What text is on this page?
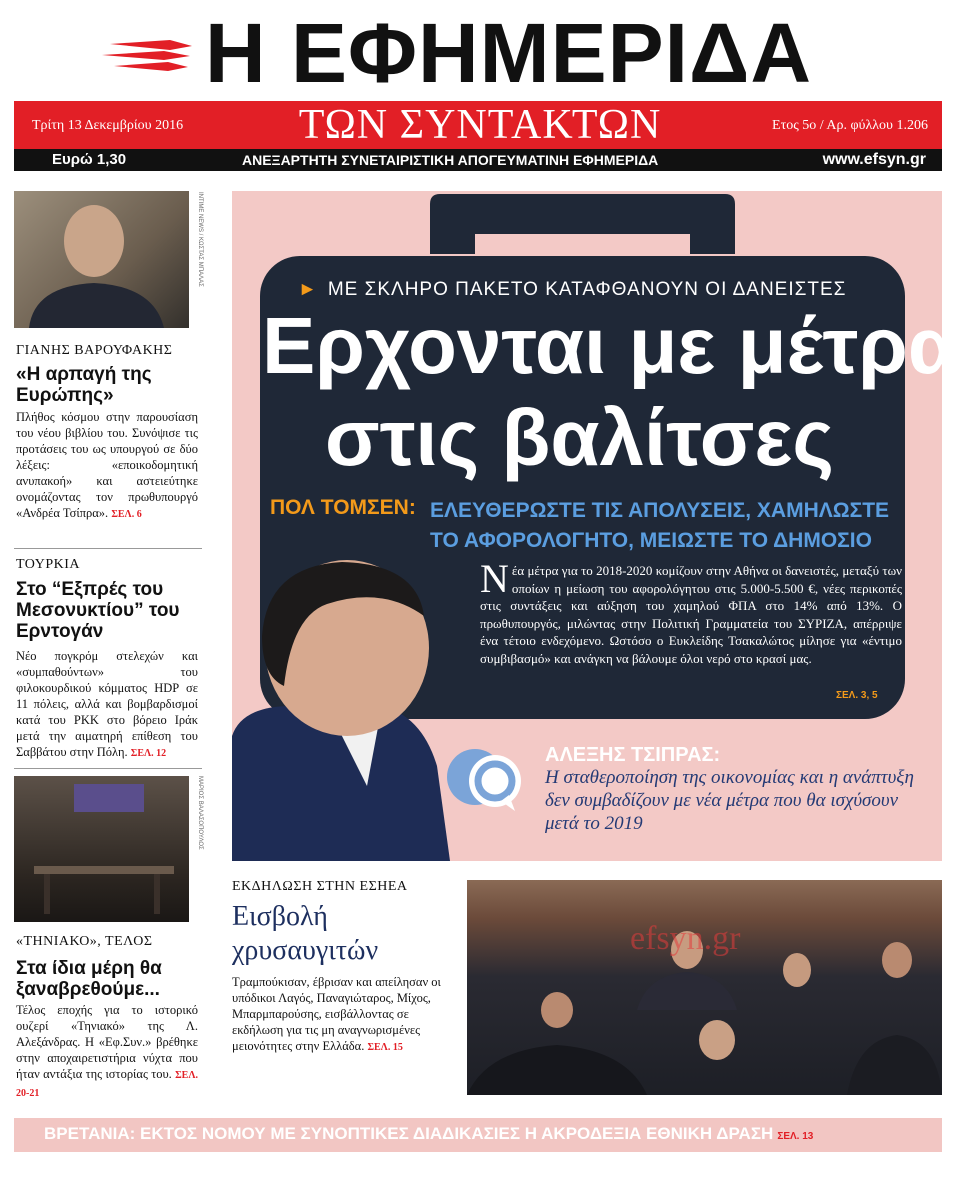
Η ΕΦΗΜΕΡΙΔΑ
Τρίτη 13 Δεκεμβρίου 2016	ΤΩΝ ΣΥΝΤΑΚΤΩΝ	Ετος 5ο / Αρ. φύλλου 1.206
Ευρώ 1,30	ΑΝΕΞΑΡΤΗΤΗ ΣΥΝΕΤΑΙΡΙΣΤΙΚΗ ΑΠΟΓΕΥΜΑΤΙΝΗ ΕΦΗΜΕΡΙΔΑ	www.efsyn.gr
INTIME NEWS / ΚΩΣΤΑΣ ΜΠΑΛΑΣ
ΓΙΑΝΗΣ ΒΑΡΟΥΦΑΚΗΣ
«Η αρπαγή της Ευρώπης»
Πλήθος κόσμου στην παρουσίαση του νέου βιβλίου του. Συνόψισε τις προτάσεις του ως υπουργού σε δύο λέξεις: «εποικοδομητική ανυπακοή» και αστειεύτηκε ονομάζοντας τον πρωθυπουργό «Ανδρέα Τσίπρα». ΣΕΛ. 6
ΤΟΥΡΚΙΑ
Στο “Εξπρές του Μεσονυκτίου” του Ερντογάν
Νέο πογκρόμ στελεχών και «συμπαθούντων» του φιλοκουρδικού κόμματος HDP σε 11 πόλεις, αλλά και βομβαρδισμοί κατά του PKK στο βόρειο Ιράκ μετά την αιματηρή επίθεση του Σαββάτου στην Πόλη. ΣΕΛ. 12
ΜΑΡΙΟΣ ΒΑΛΑΣΟΠΟΥΛΟΣ
«ΤΗΝΙΑΚΟ», ΤΕΛΟΣ
Στα ίδια μέρη θα ξαναβρεθούμε...
Τέλος εποχής για το ιστορικό ουζερί «Τηνιακό» της Λ. Αλεξάνδρας. Η «Εφ.Συν.» βρέθηκε στην αποχαιρετιστήρια νύχτα που ήταν αντάξια της ιστορίας του. ΣΕΛ. 20-21
► ΜΕ ΣΚΛΗΡΟ ΠΑΚΕΤΟ ΚΑΤΑΦΘΑΝΟΥΝ ΟΙ ΔΑΝΕΙΣΤΕΣ
Ερχονται με μέτρα
στις βαλίτσες
ΠΟΛ ΤΟΜΣΕΝ: ΕΛΕΥΘΕΡΩΣΤΕ ΤΙΣ ΑΠΟΛΥΣΕΙΣ, ΧΑΜΗΛΩΣΤΕ ΤΟ ΑΦΟΡΟΛΟΓΗΤΟ, ΜΕΙΩΣΤΕ ΤΟ ΔΗΜΟΣΙΟ
Νέα μέτρα για το 2018-2020 κομίζουν στην Αθήνα οι δανειστές, μεταξύ των οποίων η μείωση του αφορολόγητου στις 5.000-5.500 €, νέες περικοπές στις συντάξεις και αύξηση του χαμηλού ΦΠΑ στο 14% από 13%. Ο πρωθυπουργός, μιλώντας στην Πολιτική Γραμματεία του ΣΥΡΙΖΑ, απέρριψε ένα τέτοιο ενδεχόμενο. Ωστόσο ο Ευκλείδης Τσακαλώτος μίλησε για «έντιμο συμβιβασμό» και ανάγκη να βάλουμε όλοι νερό στο κρασί μας.
ΣΕΛ. 3, 5
ΑΛΕΞΗΣ ΤΣΙΠΡΑΣ:
Η σταθεροποίηση της οικονομίας και η ανάπτυξη δεν συμβαδίζουν με νέα μέτρα που θα ισχύσουν μετά το 2019
ΕΚΔΗΛΩΣΗ ΣΤΗΝ ΕΣΗΕΑ
Εισβολή χρυσαυγιτών
Τραμπούκισαν, έβρισαν και απείλησαν οι υπόδικοι Λαγός, Παναγιώταρος, Μίχος, Μπαρμπαρούσης, εισβάλλοντας σε εκδήλωση για τις μη αναγνωρισμένες μειονότητες στην Ελλάδα. ΣΕΛ. 15
efsyn.gr
ΒΡΕΤΑΝΙΑ: ΕΚΤΟΣ ΝΟΜΟΥ ΜΕ ΣΥΝΟΠΤΙΚΕΣ ΔΙΑΔΙΚΑΣΙΕΣ Η ΑΚΡΟΔΕΞΙΑ ΕΘΝΙΚΗ ΔΡΑΣΗ ΣΕΛ. 13
